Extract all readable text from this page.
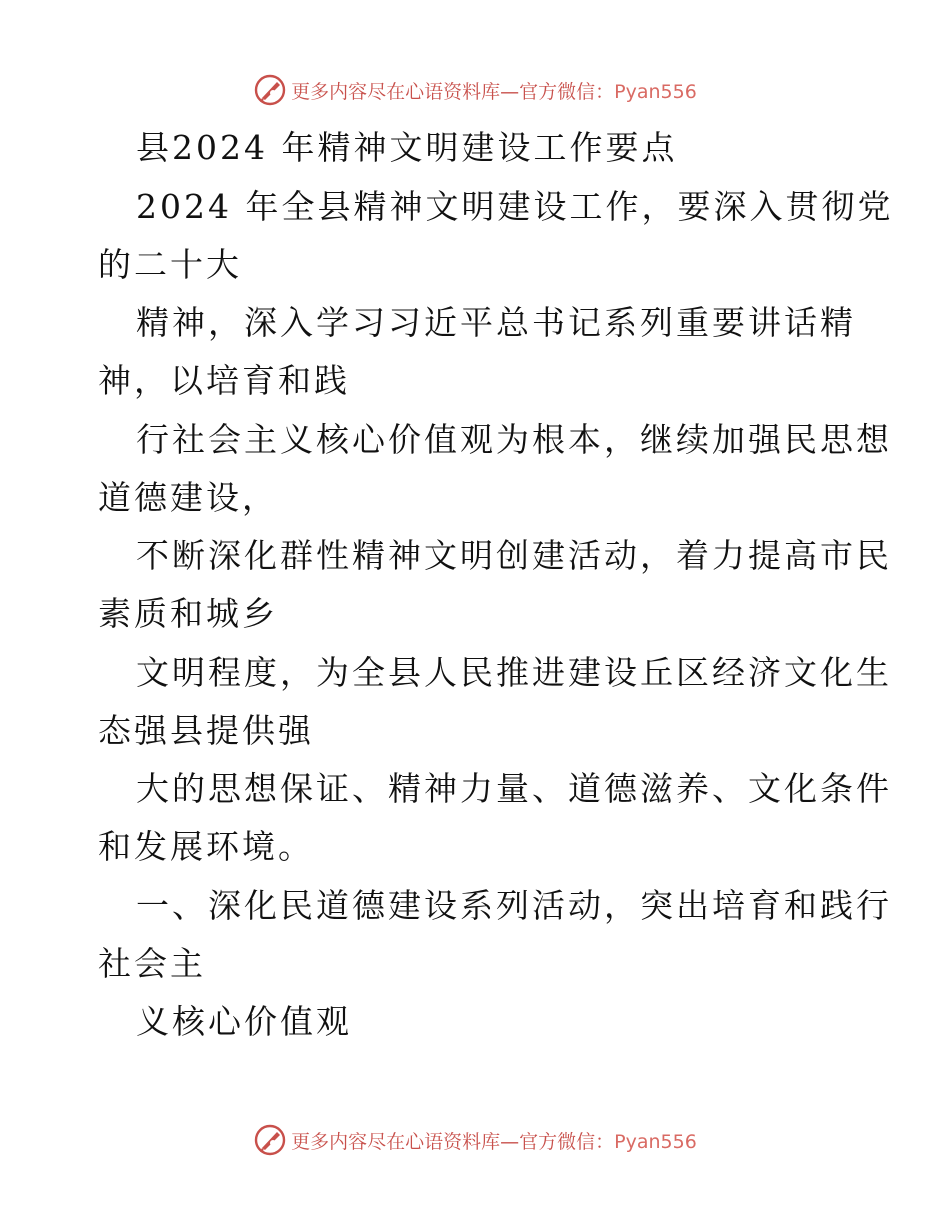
更多内容尽在心语资料库—官方微信：Pyan556
县2024 年精神文明建设工作要点
2024 年全县精神文明建设工作，要深入贯彻党
的二十大
精神，深入学习习近平总书记系列重要讲话精
神，以培育和践
行社会主义核心价值观为根本，继续加强民思想
道德建设，
不断深化群性精神文明创建活动，着力提高市民
素质和城乡
文明程度，为全县人民推进建设丘区经济文化生
态强县提供强
大的思想保证、精神力量、道德滋养、文化条件
和发展环境。
一、深化民道德建设系列活动，突出培育和践行
社会主
义核心价值观
更多内容尽在心语资料库—官方微信：Pyan556
